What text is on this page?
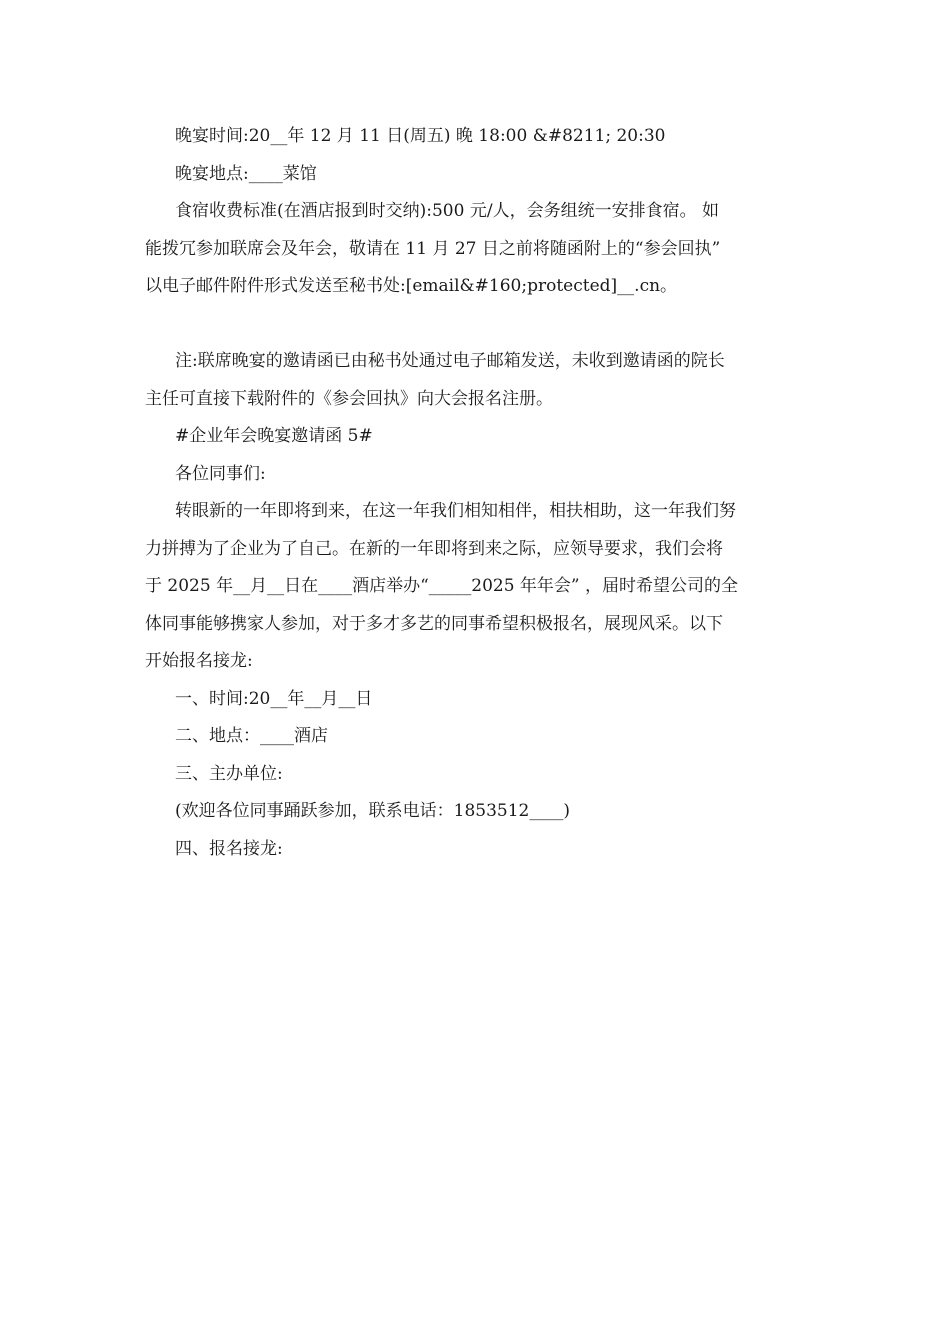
晚宴时间:20__年 12 月 11 日(周五) 晚 18:00 &#8211; 20:30

晚宴地点:____菜馆

食宿收费标准(在酒店报到时交纳):500 元/人，会务组统一安排食宿。 如

能拨冗参加联席会及年会，敬请在 11 月 27 日之前将随函附上的“参会回执”

以电子邮件附件形式发送至秘书处:[email&#160;protected]__.cn。

注:联席晚宴的邀请函已由秘书处通过电子邮箱发送，未收到邀请函的院长

主任可直接下载附件的《参会回执》向大会报名注册。

#企业年会晚宴邀请函 5#

各位同事们:

转眼新的一年即将到来，在这一年我们相知相伴，相扶相助，这一年我们努

力拼搏为了企业为了自己。在新的一年即将到来之际，应领导要求，我们会将

于 2025 年__月__日在____酒店举办“_____2025 年年会” ，届时希望公司的全

体同事能够携家人参加，对于多才多艺的同事希望积极报名，展现风采。以下

开始报名接龙:

一、时间:20__年__月__日

二、地点：____酒店

三、主办单位:

(欢迎各位同事踊跃参加，联系电话：1853512____)

四、报名接龙:
